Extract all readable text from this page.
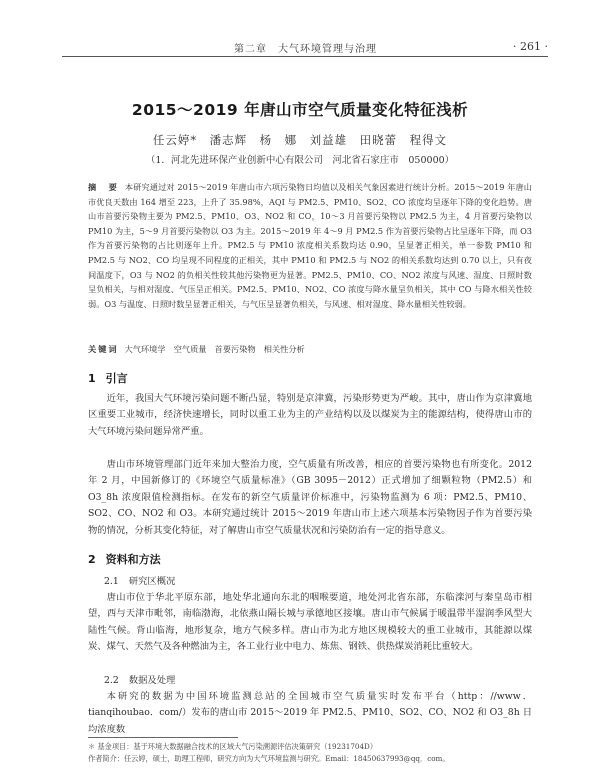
第二章　大气环境管理与治理	· 261 ·
2015～2019 年唐山市空气质量变化特征浅析
任云婷*　潘志辉　杨　娜　刘益雄　田晓蕾　程得文
（1．河北先进环保产业创新中心有限公司　河北省石家庄市　050000）
摘　要 本研究通过对 2015～2019 年唐山市六项污染物日均值以及相关气象因素进行统计分析。2015～2019 年唐山市优良天数由 164 增至 223，上升了 35.98%，AQI 与 PM2.5、PM10、SO2、CO 浓度均呈逐年下降的变化趋势。唐山市首要污染物主要为 PM2.5、PM10、O3、NO2 和 CO，10～3 月首要污染物以 PM2.5 为主，4 月首要污染物以 PM10 为主，5～9 月首要污染物以 O3 为主。2015～2019 年 4～9 月 PM2.5 作为首要污染物占比呈逐年下降，而 O3 作为首要污染物的占比则逐年上升。PM2.5 与 PM10 浓度相关系数均达 0.90，呈显著正相关，单一参数 PM10 和 PM2.5 与 NO2、CO 均呈现不同程度的正相关，其中 PM10 和 PM2.5 与 NO2 的相关系数均达到 0.70 以上，只有夜间温度下，O3 与 NO2 的负相关性较其他污染物更为显著。PM2.5、PM10、CO、NO2 浓度与风速、湿度、日照时数呈负相关，与相对湿度、气压呈正相关。PM2.5、PM10、NO2、CO 浓度与降水量呈负相关，其中 CO 与降水相关性较弱。O3 与温度、日照时数呈显著正相关，与气压呈显著负相关，与风速、相对湿度、降水量相关性较弱。
关键词 大气环境学　空气质量　首要污染物　相关性分析
1 引言
近年，我国大气环境污染问题不断凸显，特别是京津冀，污染形势更为严峻。其中，唐山作为京津冀地区重要工业城市，经济快速增长，同时以重工业为主的产业结构以及以煤炭为主的能源结构，使得唐山市的大气环境污染问题异常严重。
唐山市环境管理部门近年来加大整治力度，空气质量有所改善，相应的首要污染物也有所变化。2012 年 2 月，中国新修订的《环境空气质量标准》（GB 3095－2012）正式增加了细颗粒物（PM2.5）和 O3_8h 浓度限值检测指标。在发布的新空气质量评价标准中，污染物监测为 6 项：PM2.5、PM10、SO2、CO、NO2 和 O3。本研究通过统计 2015～2019 年唐山市上述六项基本污染物因子作为首要污染物的情况，分析其变化特征，对了解唐山市空气质量状况和污染防治有一定的指导意义。
2 资料和方法
2.1 研究区概况
唐山市位于华北平原东部，地处华北通向东北的咽喉要道，地处河北省东部，东临滦河与秦皇岛市相望，西与天津市毗邻，南临渤海，北依燕山隔长城与承德地区接壤。唐山市气候属于暖温带半湿润季风型大陆性气候。背山临海，地形复杂，地方气候多样。唐山市为北方地区规模较大的重工业城市，其能源以煤炭、煤气、天然气及各种燃油为主，各工业行业中电力、炼焦、钢铁、供热煤炭消耗比重较大。
2.2 数据及处理
本研究的数据为中国环境监测总站的全国城市空气质量实时发布平台（http：//www．tianqihoubao．com/）发布的唐山市 2015～2019 年 PM2.5、PM10、SO2、CO、NO2 和 O3_8h 日均浓度数
＊ 基金项目：基于环境大数据融合技术的区域大气污染溯源评估决策研究（19231704D）
作者简介：任云婷，硕士，助理工程师，研究方向为大气环境监测与研究。Email：18450637993@qq．com。
